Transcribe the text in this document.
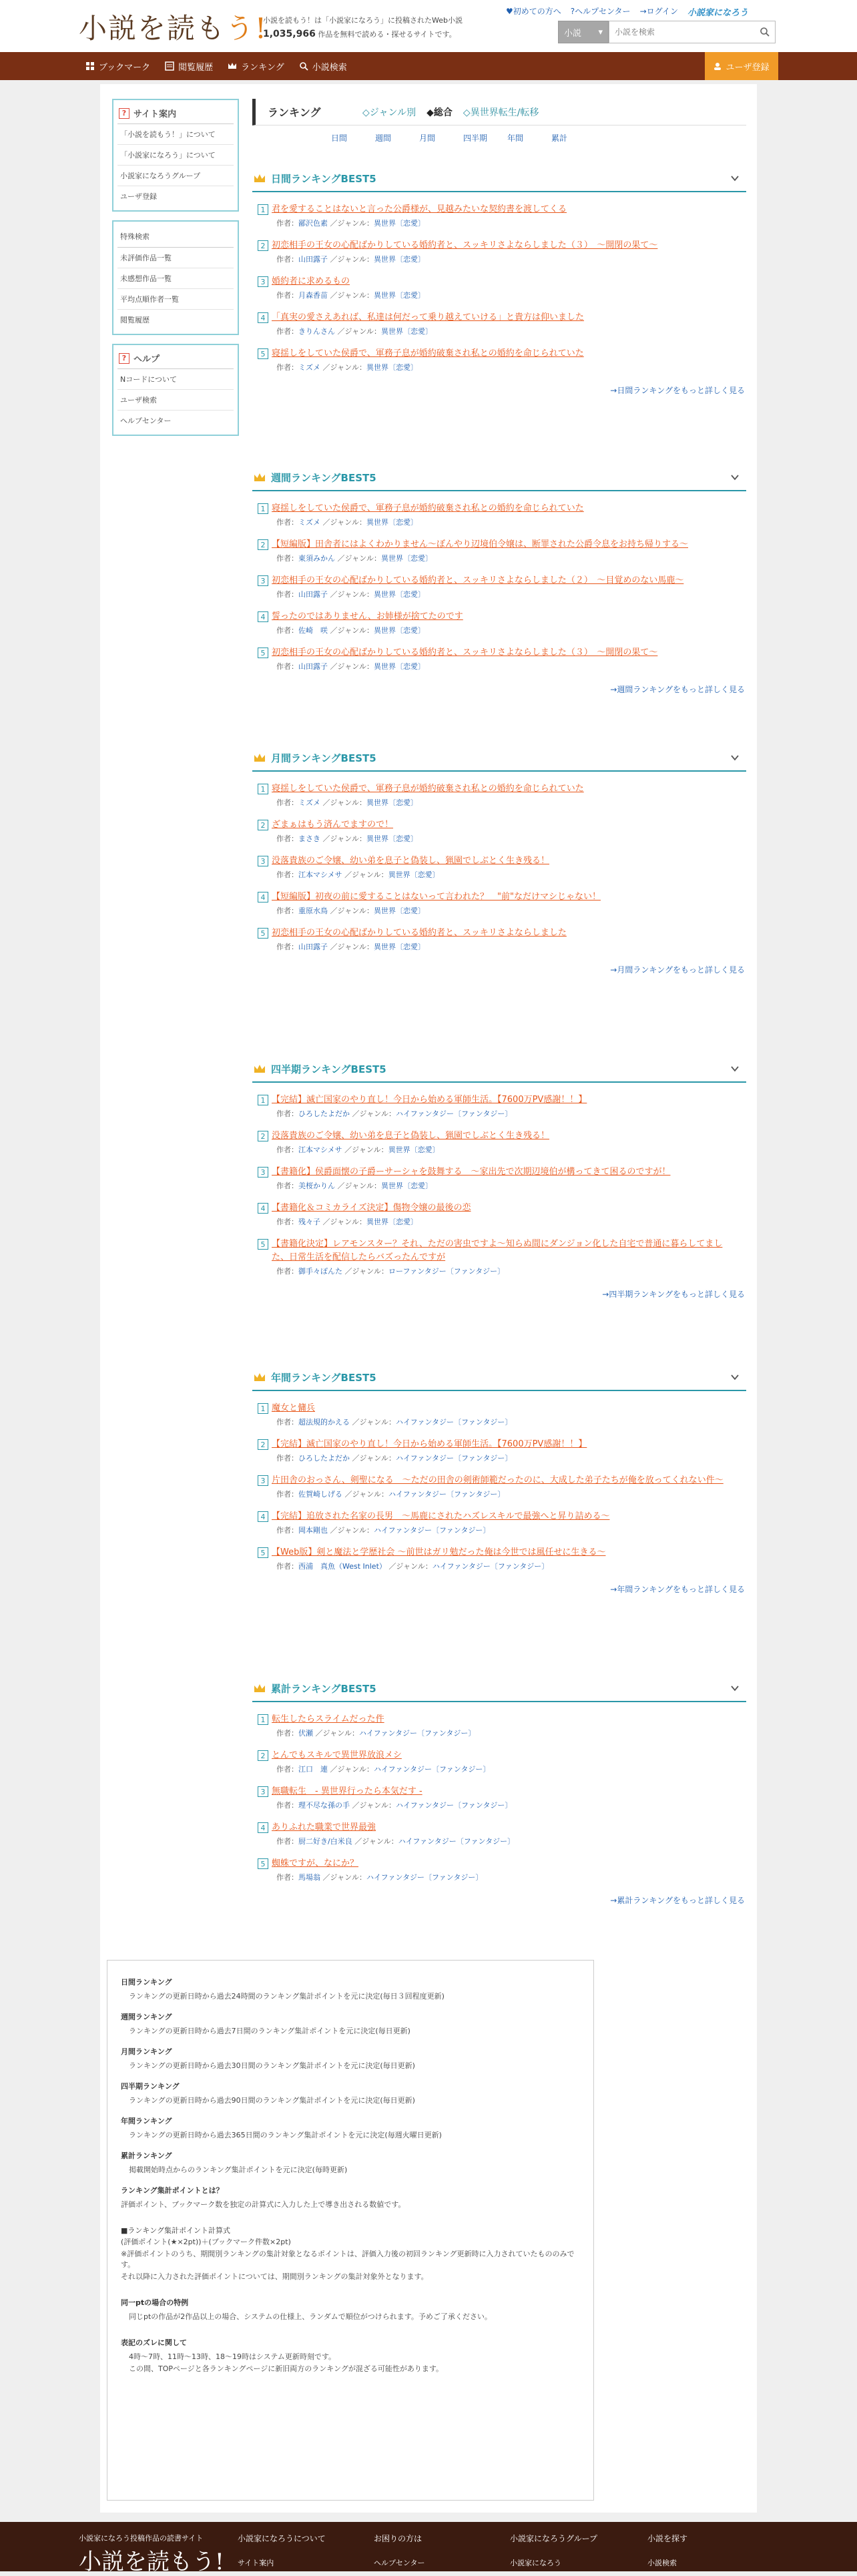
小説を読もう!
小説を読もう！は「小説家になろう」に投稿されたWeb小説
1,035,966 作品を無料で読める・探せるサイトです。
♥初めての方へ ?ヘルプセンター →ログイン 小説家になろう
小説 ▾
小説を検索
ブックマーク	閲覧履歴	ランキング	小説検索	ユーザ登録
? サイト案内
「小説を読もう！」について
「小説家になろう」について
小説家になろうグループ
ユーザ登録
特殊検索
未評価作品一覧
未感想作品一覧
平均点順作者一覧
閲覧履歴
? ヘルプ
Nコードについて
ユーザ検索
ヘルプセンター
ランキング	◇ジャンル別 ◆総合 ◇異世界転生/転移
日間	週間	月間	四半期	年間	累計
日間ランキングBEST5
1 君を愛することはないと言った公爵様が、見越みたいな契約書を渡してくる
作者：鄙沢色素 ／ジャンル：異世界〔恋愛〕
2 初恋相手の王女の心配ばかりしている婚約者と、スッキリさよならしました（３）　～開閉の果て～
作者：山田露子 ／ジャンル：異世界〔恋愛〕
3 婚約者に求めるもの
作者：月森香苗 ／ジャンル：異世界〔恋愛〕
4 「真実の愛さえあれば、私達は何だって乗り越えていける」と貴方は仰いました
作者：きりんさん ／ジャンル：異世界〔恋愛〕
5 寝揺しをしていた侯爵で、軍務子息が婚約破棄され私との婚約を命じられていた
作者：ミズメ ／ジャンル：異世界〔恋愛〕
→日間ランキングをもっと詳しく見る
週間ランキングBEST5
1 寝揺しをしていた侯爵で、軍務子息が婚約破棄され私との婚約を命じられていた
作者：ミズメ ／ジャンル：異世界〔恋愛〕
2 【短編版】田舎者にはよくわかりません～ぼんやり辺境伯令嬢は、断罪された公爵令息をお持ち帰りする～
作者：東須みかん ／ジャンル：異世界〔恋愛〕
3 初恋相手の王女の心配ばかりしている婚約者と、スッキリさよならしました（２）　～目覚めのない馬鹿～
作者：山田露子 ／ジャンル：異世界〔恋愛〕
4 誓ったのではありません、お姉様が捨てたのです
作者：佐崎　咲 ／ジャンル：異世界〔恋愛〕
5 初恋相手の王女の心配ばかりしている婚約者と、スッキリさよならしました（３）　～開閉の果て～
作者：山田露子 ／ジャンル：異世界〔恋愛〕
→週間ランキングをもっと詳しく見る
月間ランキングBEST5
1 寝揺しをしていた侯爵で、軍務子息が婚約破棄され私との婚約を命じられていた
作者：ミズメ ／ジャンル：異世界〔恋愛〕
2 ざまぁはもう済んでますので！
作者：まさき ／ジャンル：異世界〔恋愛〕
3 没落貴族のご令嬢、幼い弟を息子と偽装し、猟園でしぶとく生き残る！
作者：江本マシメサ ／ジャンル：異世界〔恋愛〕
4 【短編版】初夜の前に愛することはないって言われた？　"前"なだけマシじゃない！
作者：重原水鳥 ／ジャンル：異世界〔恋愛〕
5 初恋相手の王女の心配ばかりしている婚約者と、スッキリさよならしました
作者：山田露子 ／ジャンル：異世界〔恋愛〕
→月間ランキングをもっと詳しく見る
四半期ランキングBEST5
1 【完結】滅亡国家のやり直し！今日から始める軍師生活。【7600万PV感謝！！】
作者：ひろしたよだか ／ジャンル：ハイファンタジー〔ファンタジー〕
2 没落貴族のご令嬢、幼い弟を息子と偽装し、猟園でしぶとく生き残る！
作者：江本マシメサ ／ジャンル：異世界〔恋愛〕
3 【書籍化】侯爵面懐の子爵ーサーシャを鼓舞する　～家出先で次期辺境伯が構ってきて困るのですが！
作者：美桜かりん ／ジャンル：異世界〔恋愛〕
4 【書籍化＆コミカライズ決定】傷物令嬢の最後の恋
作者：残々子 ／ジャンル：異世界〔恋愛〕
5 【書籍化決定】レアモンスター？それ、ただの害虫ですよ～知らぬ間にダンジョン化した自宅で普通に暮らしてました、日常生活を配信したらバズったんですが
作者：御手々ぽんた ／ジャンル：ローファンタジー〔ファンタジー〕
→四半期ランキングをもっと詳しく見る
年間ランキングBEST5
1 魔女と傭兵
作者：超法規的かえる ／ジャンル：ハイファンタジー〔ファンタジー〕
2 【完結】滅亡国家のやり直し！今日から始める軍師生活。【7600万PV感謝！！】
作者：ひろしたよだか ／ジャンル：ハイファンタジー〔ファンタジー〕
3 片田舎のおっさん、剣聖になる　～ただの田舎の剣術師範だったのに、大成した弟子たちが俺を放ってくれない件～
作者：佐賀崎しげる ／ジャンル：ハイファンタジー〔ファンタジー〕
4 【完結】追放された名家の長男　～馬鹿にされたハズレスキルで最強へと昇り詰める～
作者：岡本剛也 ／ジャンル：ハイファンタジー〔ファンタジー〕
5 【Web版】剣と魔法と学歴社会 ～前世はガリ勉だった俺は今世では風任せに生きる～
作者：西浦　真魚（West Inlet） ／ジャンル：ハイファンタジー〔ファンタジー〕
→年間ランキングをもっと詳しく見る
累計ランキングBEST5
1 転生したらスライムだった件
作者：伏瀬 ／ジャンル：ハイファンタジー〔ファンタジー〕
2 とんでもスキルで異世界放浪メシ
作者：江口　連 ／ジャンル：ハイファンタジー〔ファンタジー〕
3 無職転生　- 異世界行ったら本気だす -
作者：理不尽な孫の手 ／ジャンル：ハイファンタジー〔ファンタジー〕
4 ありふれた職業で世界最強
作者：厨二好き/白米良 ／ジャンル：ハイファンタジー〔ファンタジー〕
5 蜘蛛ですが、なにか？
作者：馬場翁 ／ジャンル：ハイファンタジー〔ファンタジー〕
→累計ランキングをもっと詳しく見る
日間ランキング
ランキングの更新日時から過去24時間のランキング集計ポイントを元に決定(毎日３回程度更新)
週間ランキング
ランキングの更新日時から過去7日間のランキング集計ポイントを元に決定(毎日更新)
月間ランキング
ランキングの更新日時から過去30日間のランキング集計ポイントを元に決定(毎日更新)
四半期ランキング
ランキングの更新日時から過去90日間のランキング集計ポイントを元に決定(毎日更新)
年間ランキング
ランキングの更新日時から過去365日間のランキング集計ポイントを元に決定(毎週火曜日更新)
累計ランキング
掲載開始時点からのランキング集計ポイントを元に決定(毎時更新)
ランキング集計ポイントとは？
評価ポイント、ブックマーク数を独定の計算式に入力した上で導き出される数値です。
■ランキング集計ポイント計算式
(評価ポイント(★×2pt))＋(ブックマーク件数×2pt)
※評価ポイントのうち、期間別ランキングの集計対象となるポイントは、評価入力後の初回ランキング更新時に入力されていたもののみです。
それ以降に入力された評価ポイントについては、期間別ランキングの集計対象外となります。
同一ptの場合の特例
同じptの作品が2作品以上の場合、システムの仕様上、ランダムで順位がつけられます。予めご了承ください。
表記のズレに関して
4時〜7時、11時〜13時、18〜19時はシステム更新時刻です。
この間、TOPページと各ランキングページに新旧両方のランキングが混ざる可能性があります。
小説家になろう投稿作品の読書サイト
小説を読もう!
小説家になろうについて
サイト案内
お困りの方は
ヘルプセンター
小説家になろうグループ
小説家になろう
小説を探す
小説検索
